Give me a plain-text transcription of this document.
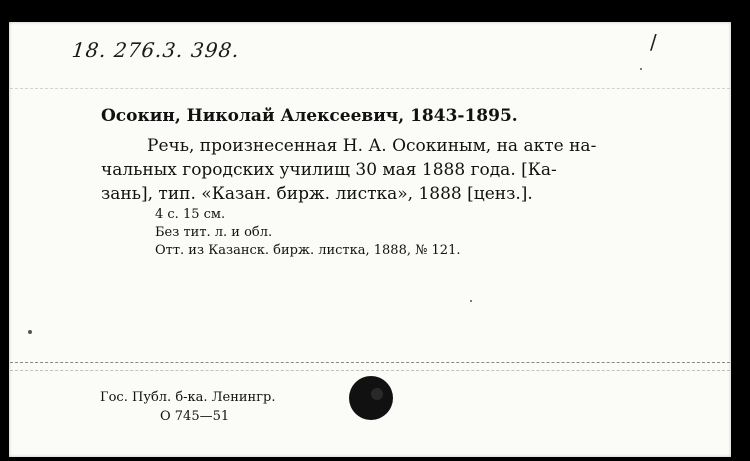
18. 276.3. 398.	/
Осокин, Николай Алексеевич, 1843-1895.
Речь, произнесенная Н. А. Осокиным, на акте на-
чальных городских училищ 30 мая 1888 года. [Ка-
зань], тип. «Казан. бирж. листка», 1888 [ценз.].
4 с. 15 см.
Без тит. л. и обл.
Отт. из Казанск. бирж. листка, 1888, № 121.
Гос. Публ. б-ка. Ленингр.
О 745—51
